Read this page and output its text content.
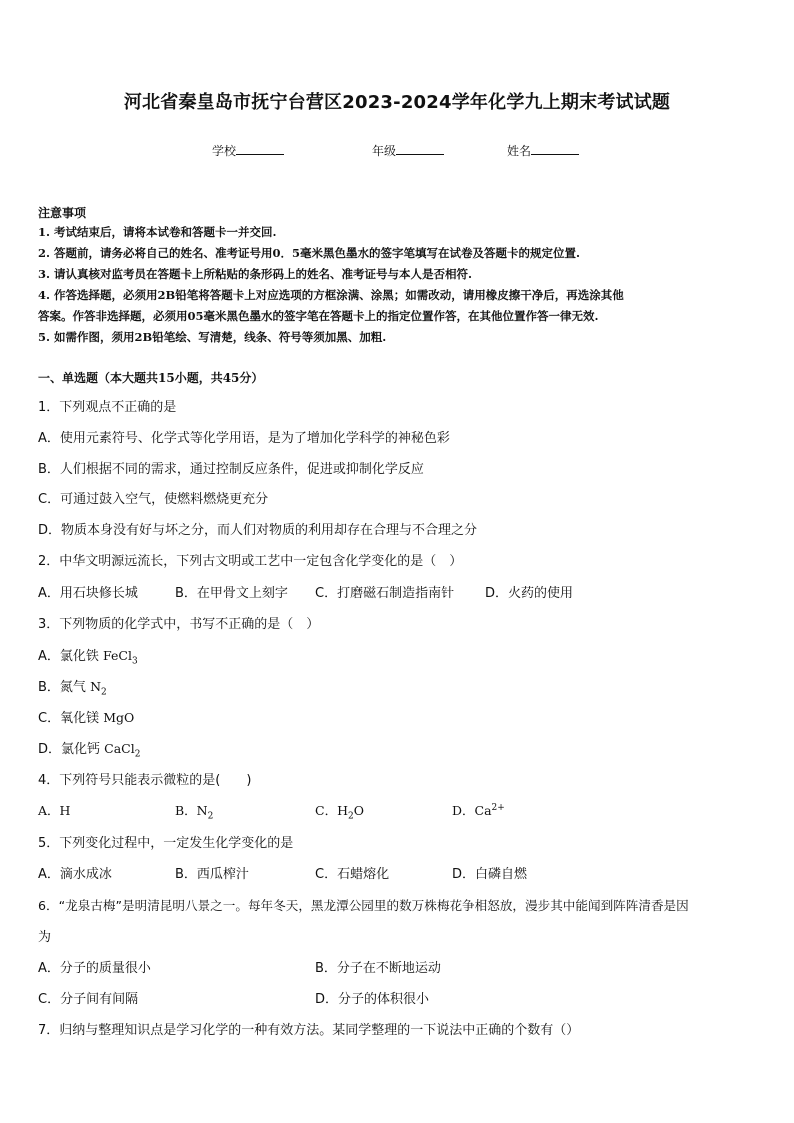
河北省秦皇岛市抚宁台营区2023-2024学年化学九上期末考试试题
学校	年级	姓名
注意事项
1. 考试结束后，请将本试卷和答题卡一并交回.
2. 答题前，请务必将自己的姓名、准考证号用0．5毫米黑色墨水的签字笔填写在试卷及答题卡的规定位置.
3. 请认真核对监考员在答题卡上所粘贴的条形码上的姓名、准考证号与本人是否相符.
4. 作答选择题，必须用2B铅笔将答题卡上对应选项的方框涂满、涂黑；如需改动，请用橡皮擦干净后，再选涂其他
答案。作答非选择题，必须用05毫米黑色墨水的签字笔在答题卡上的指定位置作答，在其他位置作答一律无效.
5. 如需作图，须用2B铅笔绘、写清楚，线条、符号等须加黑、加粗.
一、单选题（本大题共15小题，共45分）
1．下列观点不正确的是
A．使用元素符号、化学式等化学用语，是为了增加化学科学的神秘色彩
B．人们根据不同的需求，通过控制反应条件，促进或抑制化学反应
C．可通过鼓入空气，使燃料燃烧更充分
D．物质本身没有好与坏之分，而人们对物质的利用却存在合理与不合理之分
2．中华文明源远流长，下列古文明或工艺中一定包含化学变化的是（　）
A．用石块修长城	B．在甲骨文上刻字 C．打磨磁石制造指南针 D．火药的使用
3．下列物质的化学式中，书写不正确的是（　）
A．氯化铁 FeCl$_3$
B．氮气 $N_2$
C．氧化镁 MgO
D．氯化钙 CaCl$_2$
4．下列符号只能表示微粒的是(　　)
A．H	B．$N_2$	C．$H_2O$	D．$Ca^{2+}$
5．下列变化过程中，一定发生化学变化的是
A．滴水成冰	B．西瓜榨汁	C．石蜡熔化	D．白磷自燃
6．“龙泉古梅”是明清昆明八景之一。每年冬天，黑龙潭公园里的数万株梅花争相怒放，漫步其中能闻到阵阵清香是因
为
A．分子的质量很小	B．分子在不断地运动
C．分子间有间隔	D．分子的体积很小
7．归纳与整理知识点是学习化学的一种有效方法。某同学整理的一下说法中正确的个数有（）
